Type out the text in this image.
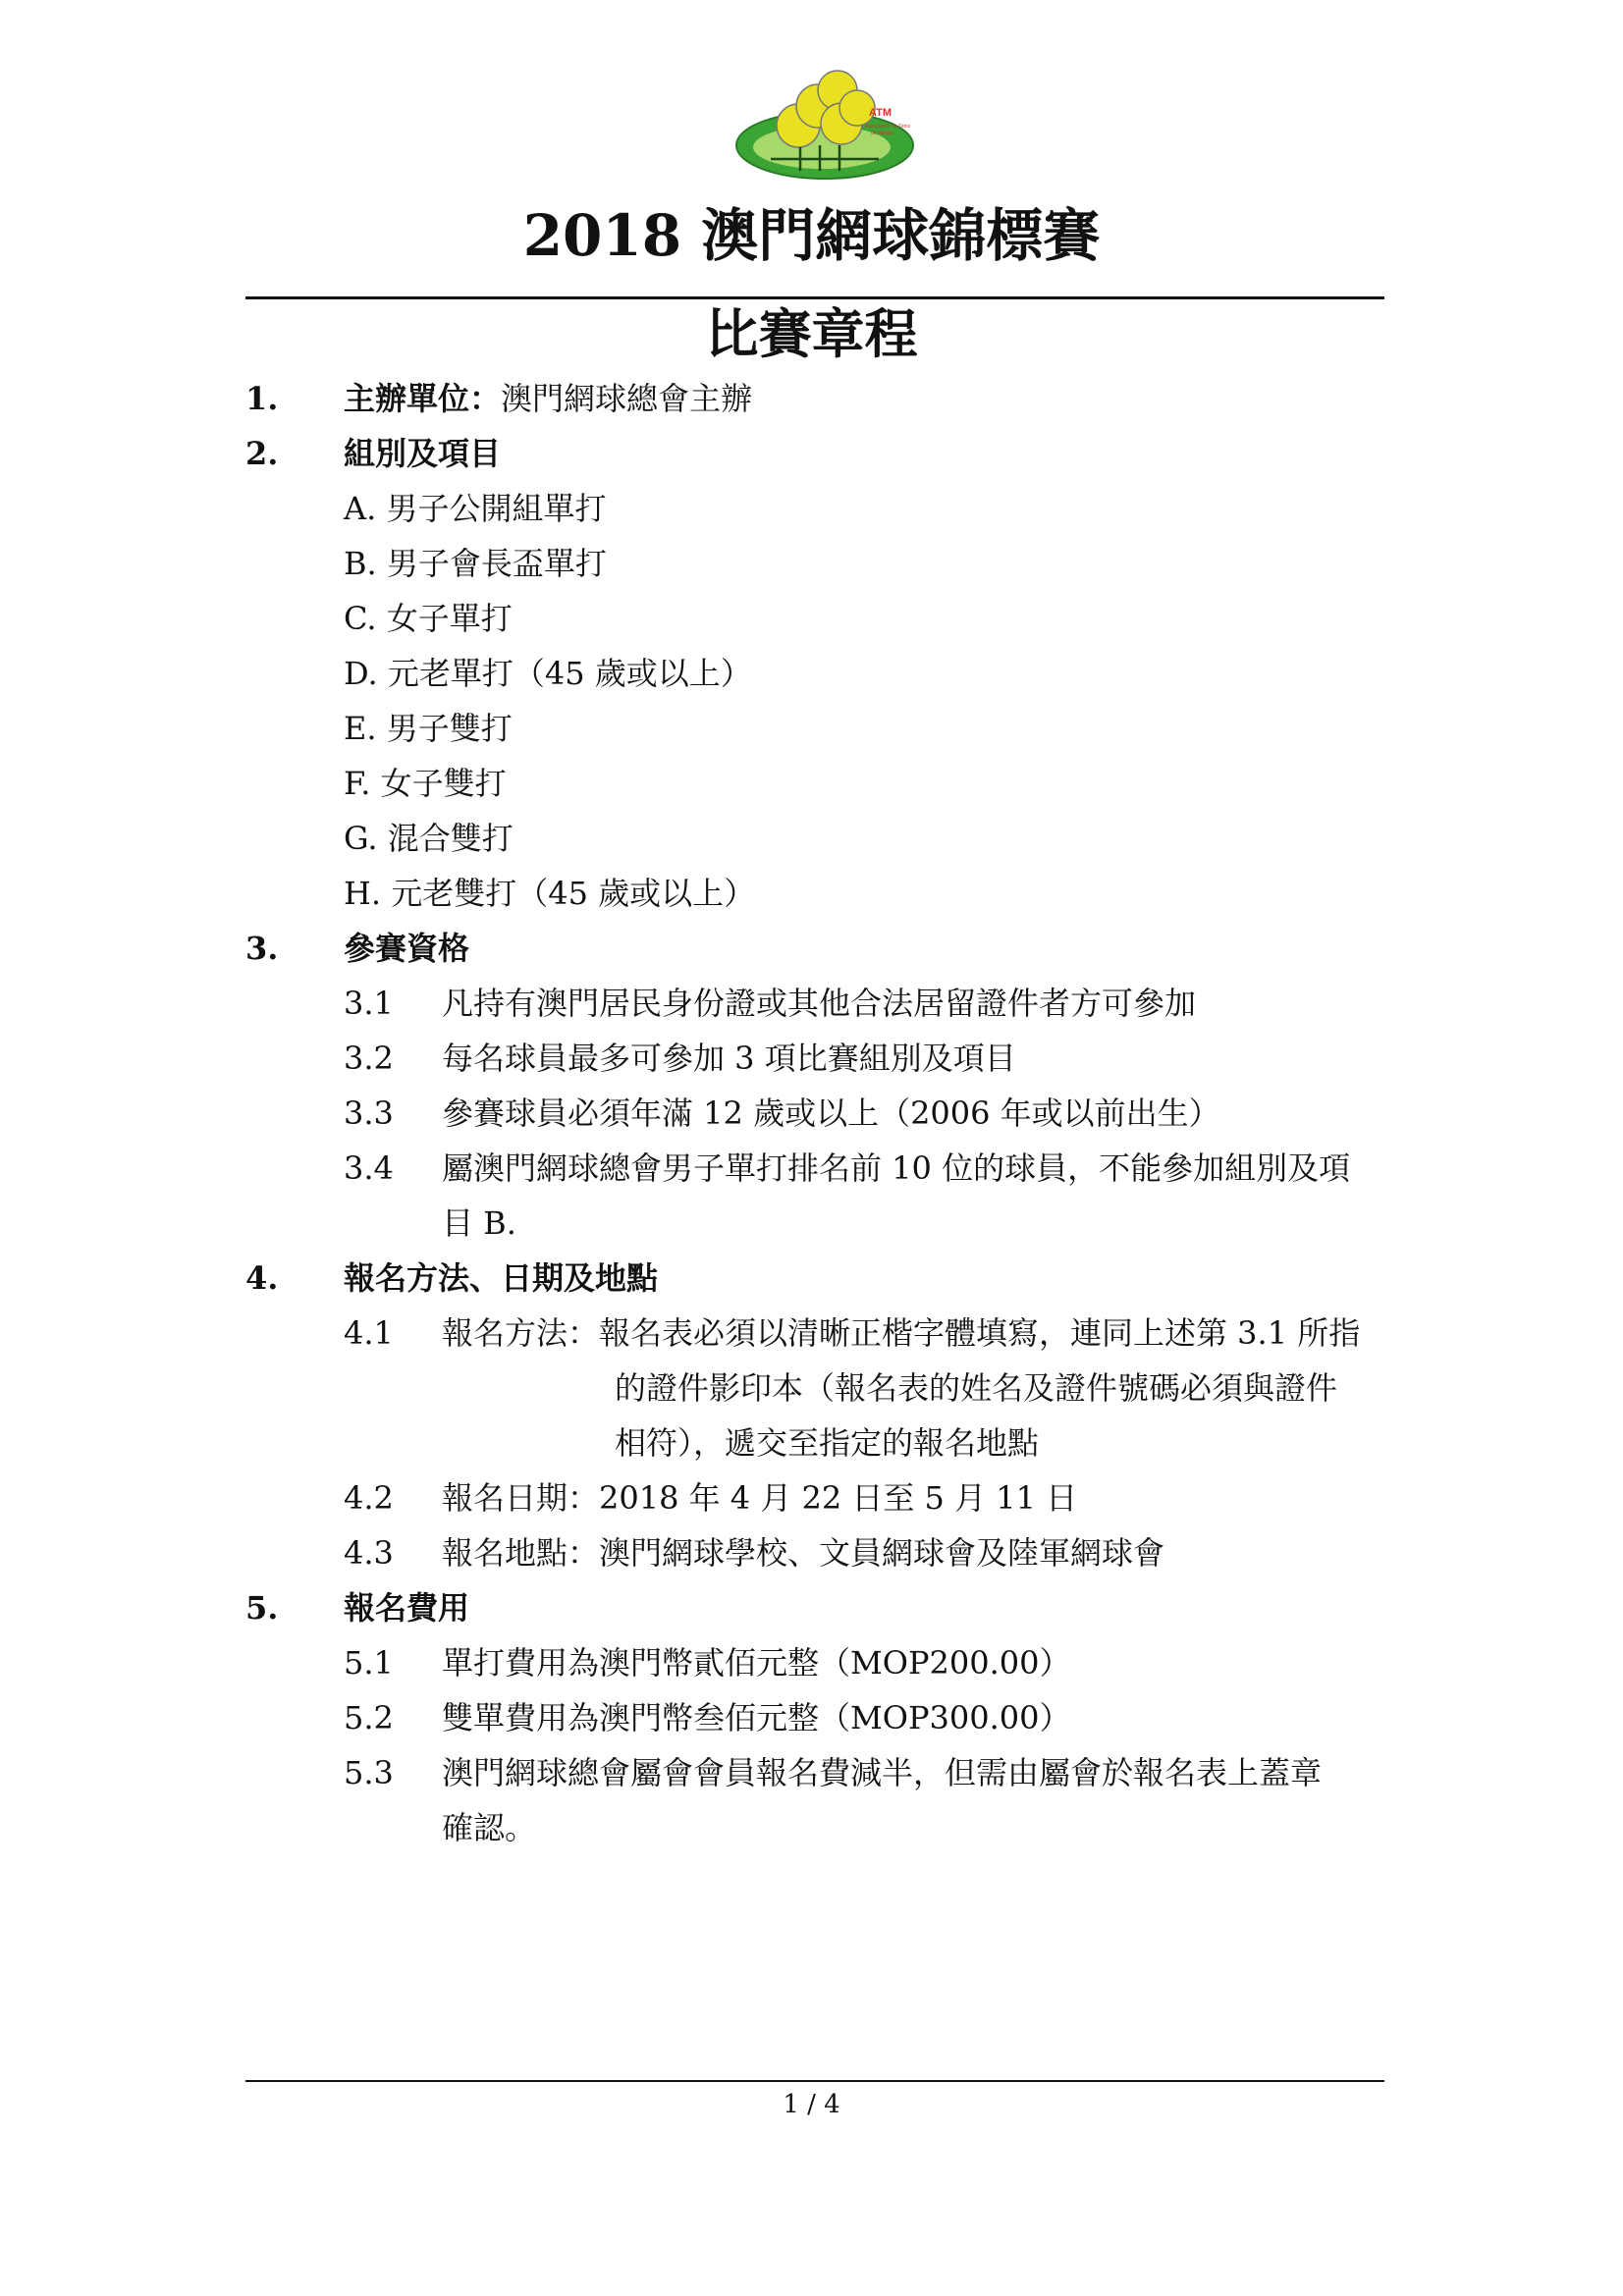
ATM
Associação de Ténis
de Macau
2018 澳門網球錦標賽
比賽章程
1. 主辦單位：澳門網球總會主辦
2. 組別及項目
A. 男子公開組單打
B. 男子會長盃單打
C. 女子單打
D. 元老單打（45 歲或以上）
E. 男子雙打
F. 女子雙打
G. 混合雙打
H. 元老雙打（45 歲或以上）
3. 參賽資格
3.1 凡持有澳門居民身份證或其他合法居留證件者方可參加
3.2 每名球員最多可參加 3 項比賽組別及項目
3.3 參賽球員必須年滿 12 歲或以上（2006 年或以前出生）
3.4 屬澳門網球總會男子單打排名前 10 位的球員，不能參加組別及項
目 B.
4. 報名方法、日期及地點
4.1 報名方法：報名表必須以清晰正楷字體填寫，連同上述第 3.1 所指
的證件影印本（報名表的姓名及證件號碼必須與證件
相符），遞交至指定的報名地點
4.2 報名日期：2018 年 4 月 22 日至 5 月 11 日
4.3 報名地點：澳門網球學校、文員網球會及陸軍網球會
5. 報名費用
5.1 單打費用為澳門幣貳佰元整（MOP200.00）
5.2 雙單費用為澳門幣叁佰元整（MOP300.00）
5.3 澳門網球總會屬會會員報名費減半，但需由屬會於報名表上蓋章
確認。
1 / 4
